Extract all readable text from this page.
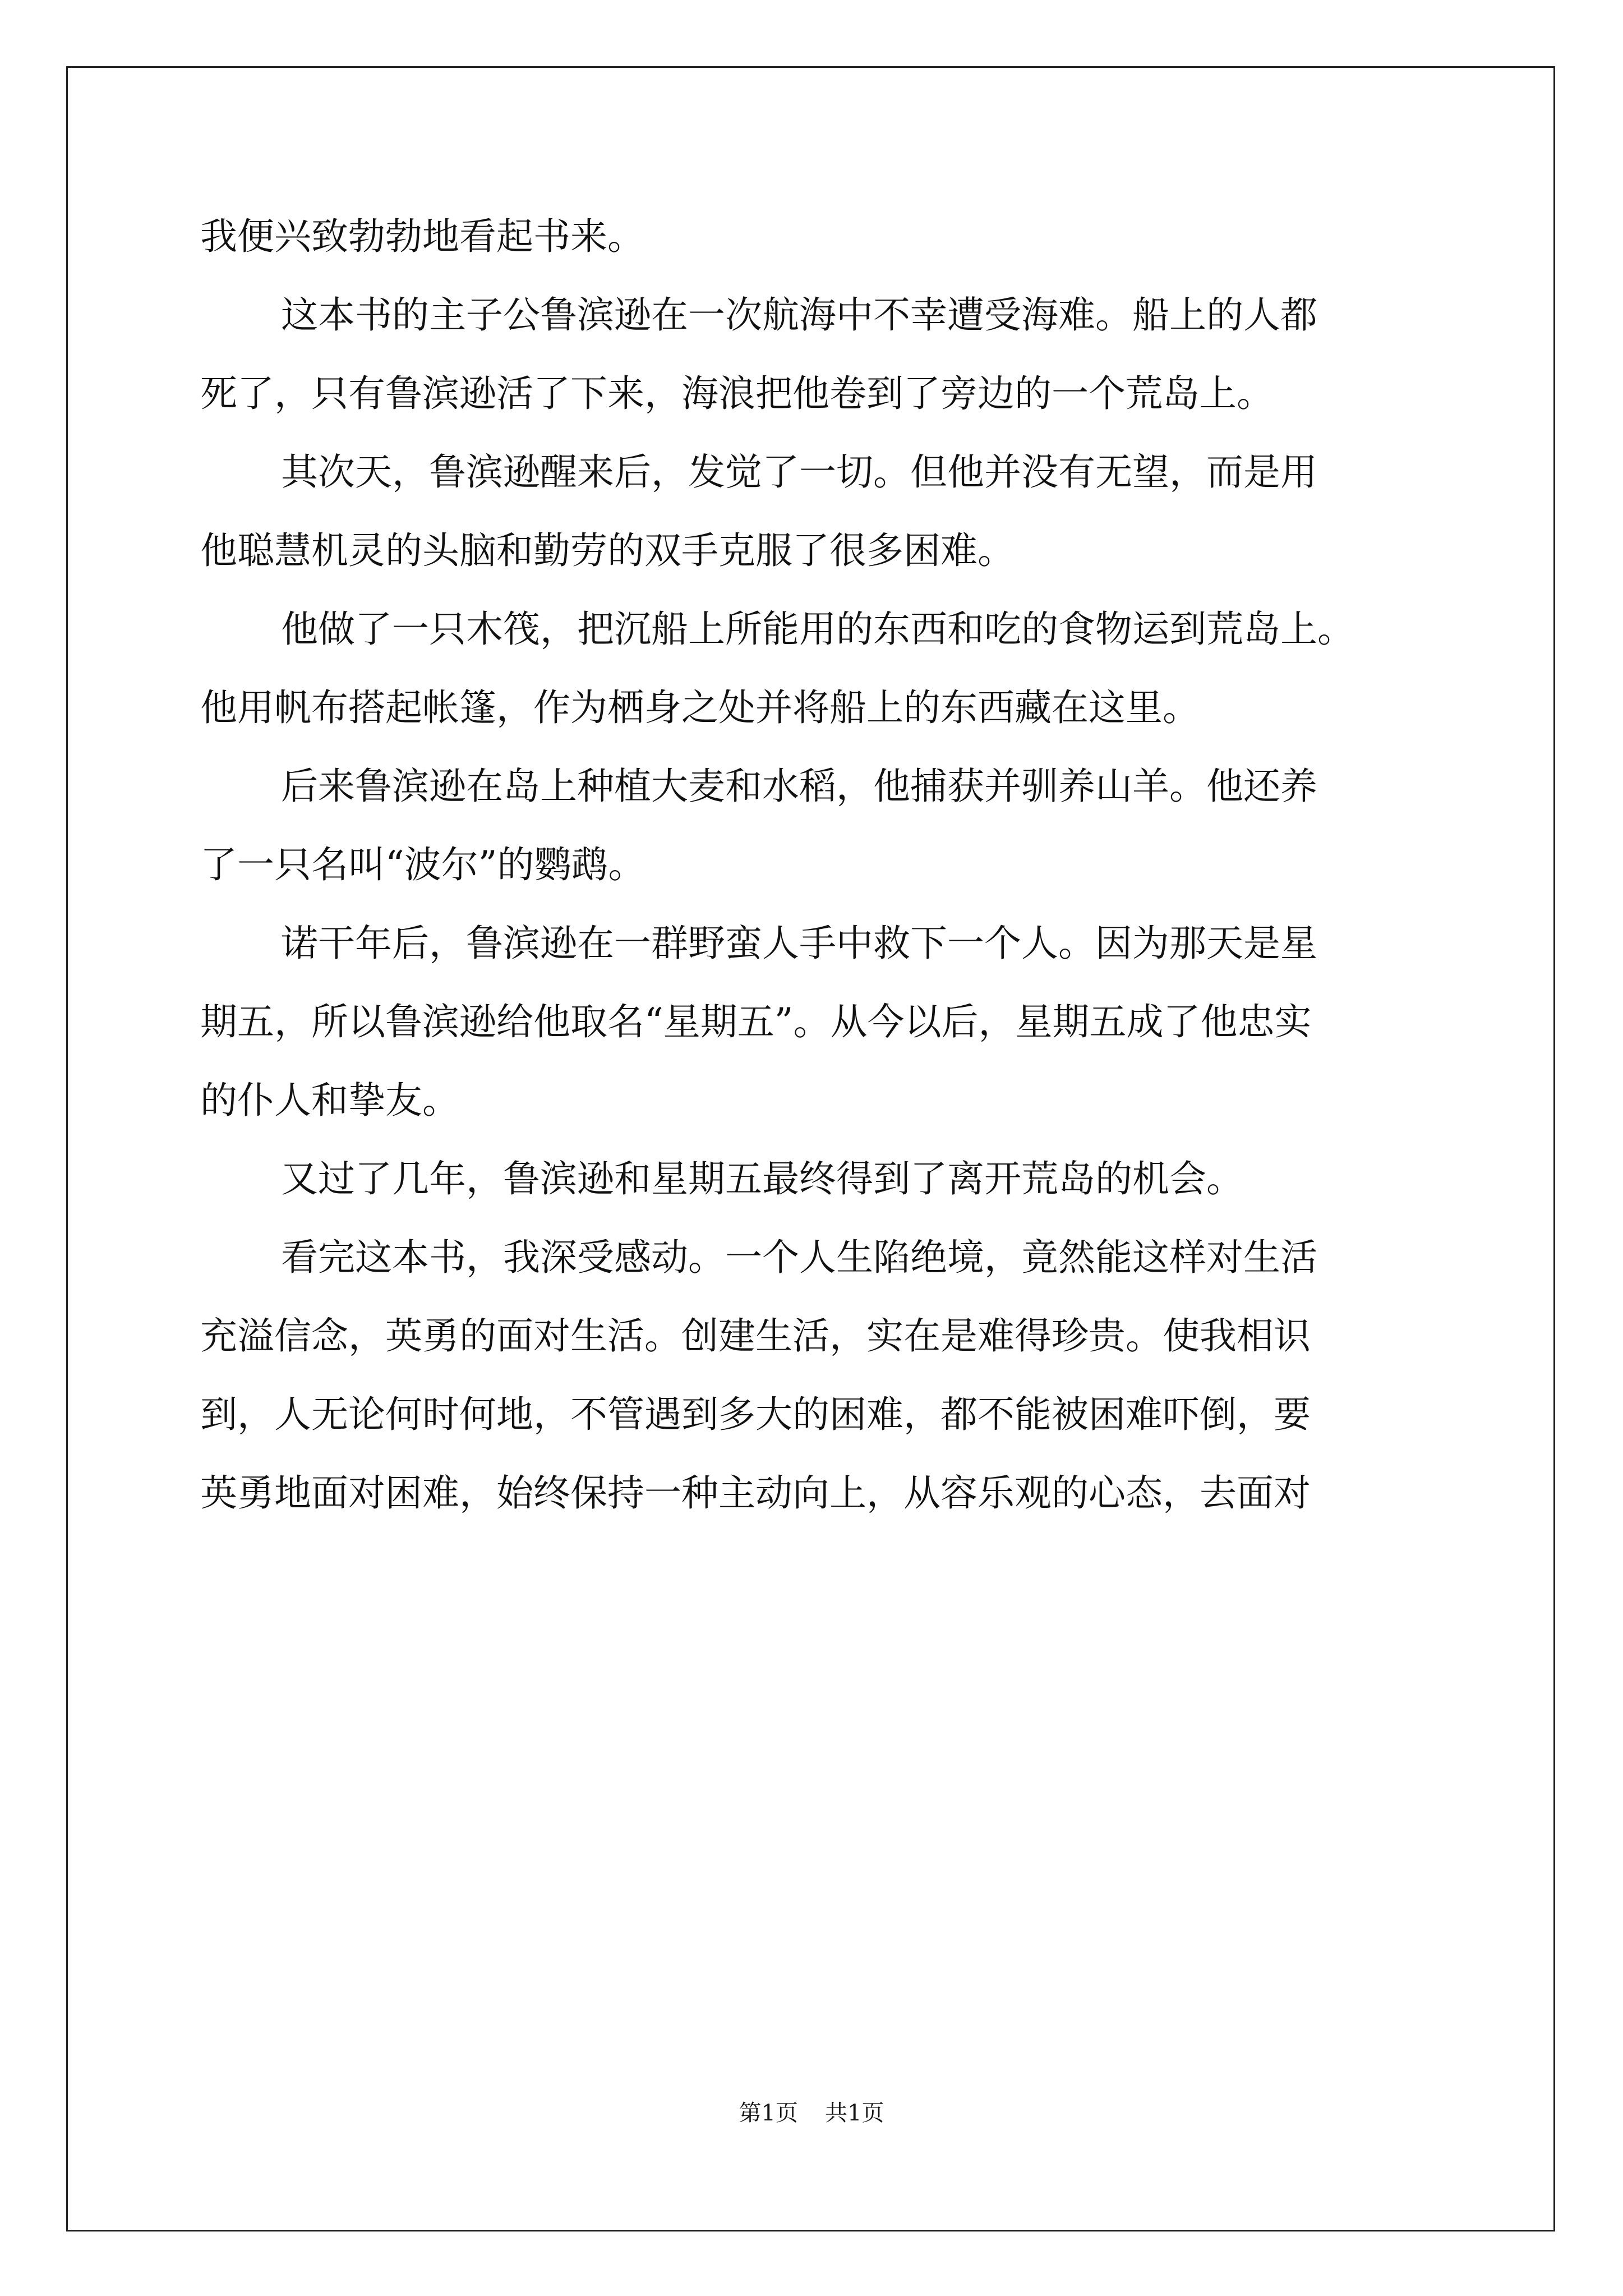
我便兴致勃勃地看起书来。
这本书的主子公鲁滨逊在一次航海中不幸遭受海难。船上的人都
死了，只有鲁滨逊活了下来，海浪把他卷到了旁边的一个荒岛上。
其次天，鲁滨逊醒来后，发觉了一切。但他并没有无望，而是用
他聪慧机灵的头脑和勤劳的双手克服了很多困难。
他做了一只木筏，把沉船上所能用的东西和吃的食物运到荒岛上。
他用帆布搭起帐篷，作为栖身之处并将船上的东西藏在这里。
后来鲁滨逊在岛上种植大麦和水稻，他捕获并驯养山羊。他还养
了一只名叫“波尔”的鹦鹉。
诺干年后，鲁滨逊在一群野蛮人手中救下一个人。因为那天是星
期五，所以鲁滨逊给他取名“星期五”。从今以后，星期五成了他忠实
的仆人和挚友。
又过了几年，鲁滨逊和星期五最终得到了离开荒岛的机会。
看完这本书，我深受感动。一个人生陷绝境，竟然能这样对生活
充溢信念，英勇的面对生活。创建生活，实在是难得珍贵。使我相识
到，人无论何时何地，不管遇到多大的困难，都不能被困难吓倒，要
英勇地面对困难，始终保持一种主动向上，从容乐观的心态，去面对
第1页 共1页
